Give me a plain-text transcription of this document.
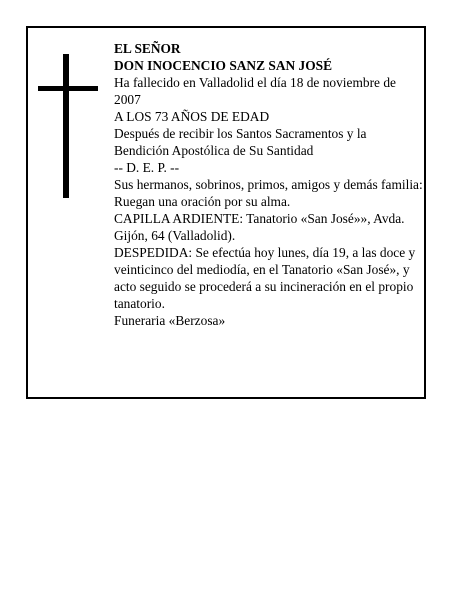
EL SEÑOR

DON INOCENCIO SANZ SAN JOSÉ

Ha fallecido en Valladolid el día 18 de noviembre de 2007

A LOS 73 AÑOS DE EDAD

Después de recibir los Santos Sacramentos y la Bendición Apostólica de Su Santidad

-- D. E. P. --

Sus hermanos, sobrinos, primos, amigos y demás familia:

Ruegan una oración por su alma.

CAPILLA ARDIENTE: Tanatorio «San José»», Avda. Gijón, 64 (Valladolid).

DESPEDIDA: Se efectúa hoy lunes, día 19, a las doce y veinticinco del mediodía, en el Tanatorio «San José», y acto seguido se procederá a su incineración en el propio tanatorio.

Funeraria «Berzosa»
